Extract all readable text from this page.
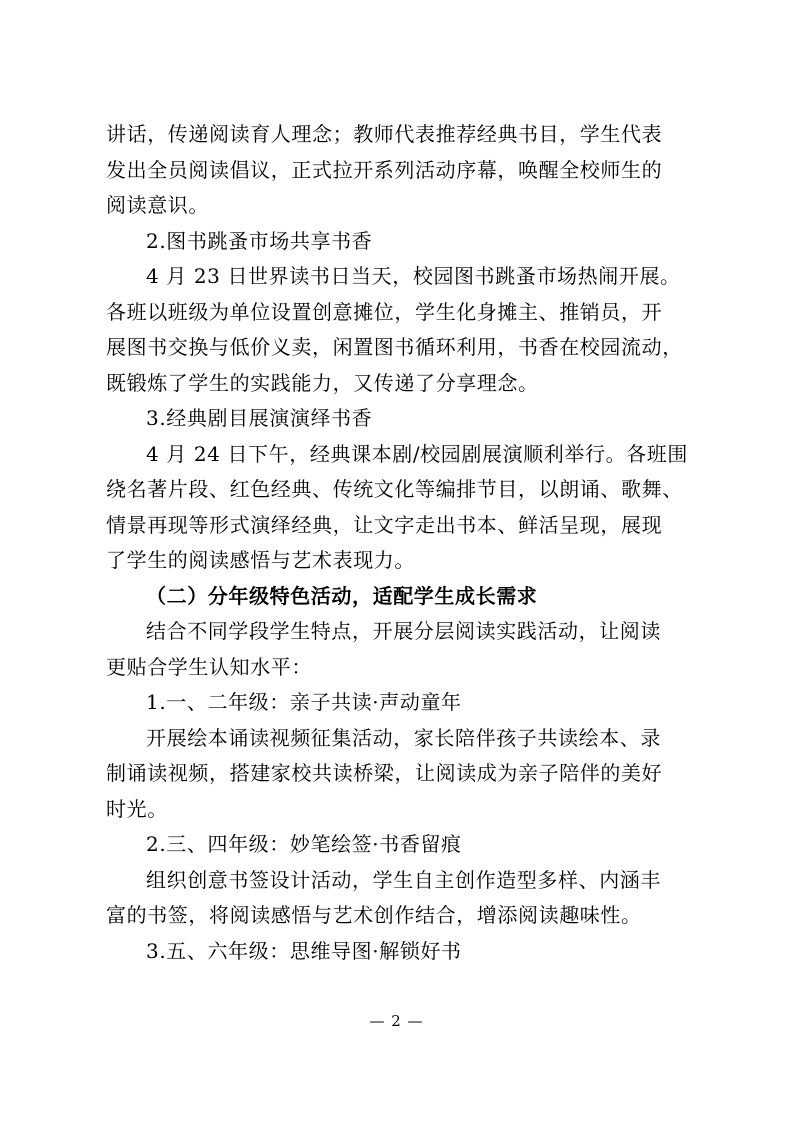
讲话，传递阅读育人理念；教师代表推荐经典书目，学生代表

发出全员阅读倡议，正式拉开系列活动序幕，唤醒全校师生的

阅读意识。

2.图书跳蚤市场共享书香

4 月 23 日世界读书日当天，校园图书跳蚤市场热闹开展。

各班以班级为单位设置创意摊位，学生化身摊主、推销员，开

展图书交换与低价义卖，闲置图书循环利用，书香在校园流动，

既锻炼了学生的实践能力，又传递了分享理念。

3.经典剧目展演演绎书香

4 月 24 日下午，经典课本剧/校园剧展演顺利举行。各班围

绕名著片段、红色经典、传统文化等编排节目，以朗诵、歌舞、

情景再现等形式演绎经典，让文字走出书本、鲜活呈现，展现

了学生的阅读感悟与艺术表现力。

（二）分年级特色活动，适配学生成长需求

结合不同学段学生特点，开展分层阅读实践活动，让阅读

更贴合学生认知水平：

1.一、二年级：亲子共读·声动童年

开展绘本诵读视频征集活动，家长陪伴孩子共读绘本、录

制诵读视频，搭建家校共读桥梁，让阅读成为亲子陪伴的美好

时光。

2.三、四年级：妙笔绘签·书香留痕

组织创意书签设计活动，学生自主创作造型多样、内涵丰

富的书签，将阅读感悟与艺术创作结合，增添阅读趣味性。

3.五、六年级：思维导图·解锁好书

— 2 —
